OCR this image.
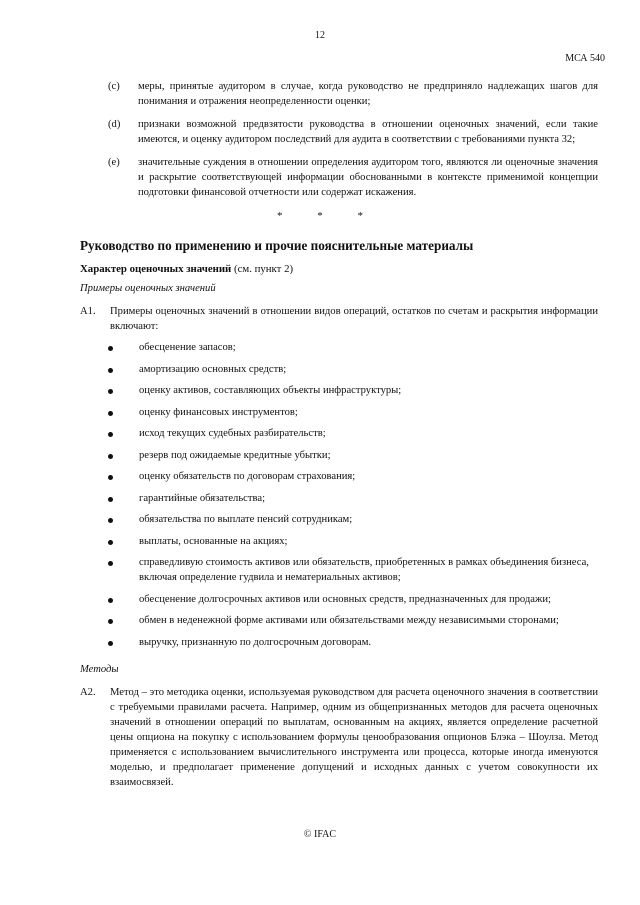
12
МСА 540
(c) меры, принятые аудитором в случае, когда руководство не предприняло надлежащих шагов для понимания и отражения неопределенности оценки;
(d) признаки возможной предвзятости руководства в отношении оценочных значений, если такие имеются, и оценку аудитором последствий для аудита в соответствии с требованиями пункта 32;
(e) значительные суждения в отношении определения аудитором того, являются ли оценочные значения и раскрытие соответствующей информации обоснованными в контексте применимой концепции подготовки финансовой отчетности или содержат искажения.
* * *
Руководство по применению и прочие пояснительные материалы
Характер оценочных значений (см. пункт 2)
Примеры оценочных значений
А1. Примеры оценочных значений в отношении видов операций, остатков по счетам и раскрытия информации включают:
обесценение запасов;
амортизацию основных средств;
оценку активов, составляющих объекты инфраструктуры;
оценку финансовых инструментов;
исход текущих судебных разбирательств;
резерв под ожидаемые кредитные убытки;
оценку обязательств по договорам страхования;
гарантийные обязательства;
обязательства по выплате пенсий сотрудникам;
выплаты, основанные на акциях;
справедливую стоимость активов или обязательств, приобретенных в рамках объединения бизнеса, включая определение гудвила и нематериальных активов;
обесценение долгосрочных активов или основных средств, предназначенных для продажи;
обмен в неденежной форме активами или обязательствами между независимыми сторонами;
выручку, признанную по долгосрочным договорам.
Методы
А2. Метод – это методика оценки, используемая руководством для расчета оценочного значения в соответствии с требуемыми правилами расчета. Например, одним из общепризнанных методов для расчета оценочных значений в отношении операций по выплатам, основанным на акциях, является определение расчетной цены опциона на покупку с использованием формулы ценообразования опционов Блэка – Шоулза. Метод применяется с использованием вычислительного инструмента или процесса, которые иногда именуются моделью, и предполагает применение допущений и исходных данных с учетом совокупности их взаимосвязей.
© IFAC
